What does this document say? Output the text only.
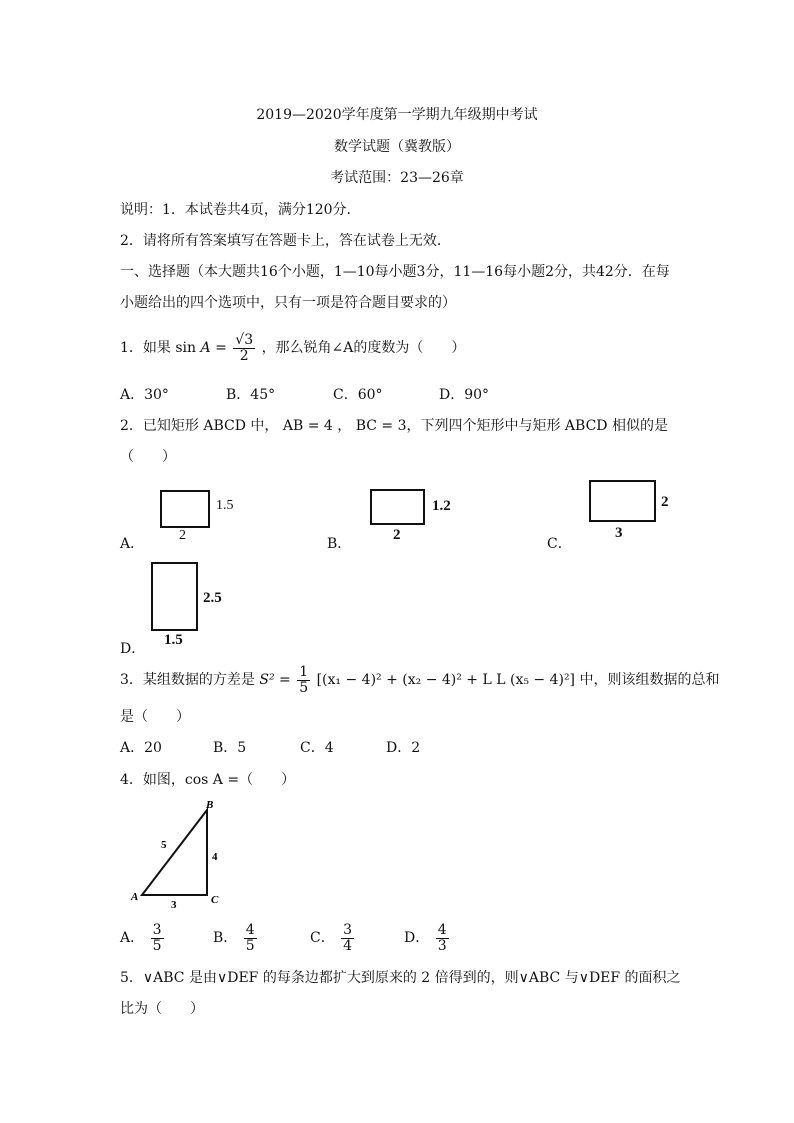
2019—2020学年度第一学期九年级期中考试
数学试题（冀教版）
考试范围：23—26章
说明：1．本试卷共4页，满分120分．
2．请将所有答案填写在答题卡上，答在试卷上无效．
一、选择题（本大题共16个小题，1—10每小题3分，11—16每小题2分，共42分．在每
小题给出的四个选项中，只有一项是符合题目要求的）
1．如果 $\sin A = \frac{√3}{2}$ ，那么锐角∠A的度数为（　　）
A．30°	B．45°	C．60°	D．90°
2．已知矩形 ABCD 中， AB = 4 ， BC = 3，下列四个矩形中与矩形 ABCD 相似的是
（　　）
A．
2
1.5
B．
2
1.2
C．
3
2
D．
1.5
2.5
3．某组数据的方差是 $S^2 = \frac{1}{5} [(x_1 - 4)^2 + (x_2 - 4)^2 + L$ L (x₅ − 4)²] 中，则该组数据的总和
是（　　）
A．20	B．5	C．4	D．2
4．如图，cos A =（　　）
A
B
C
5
4
3
A． $\frac{3}{5}$	B． $\frac{4}{5}$	C． $\frac{3}{4}$	D． $\frac{4}{3}$
5．∨ABC 是由∨DEF 的每条边都扩大到原来的 2 倍得到的，则∨ABC 与∨DEF 的面积之
比为（　　）
